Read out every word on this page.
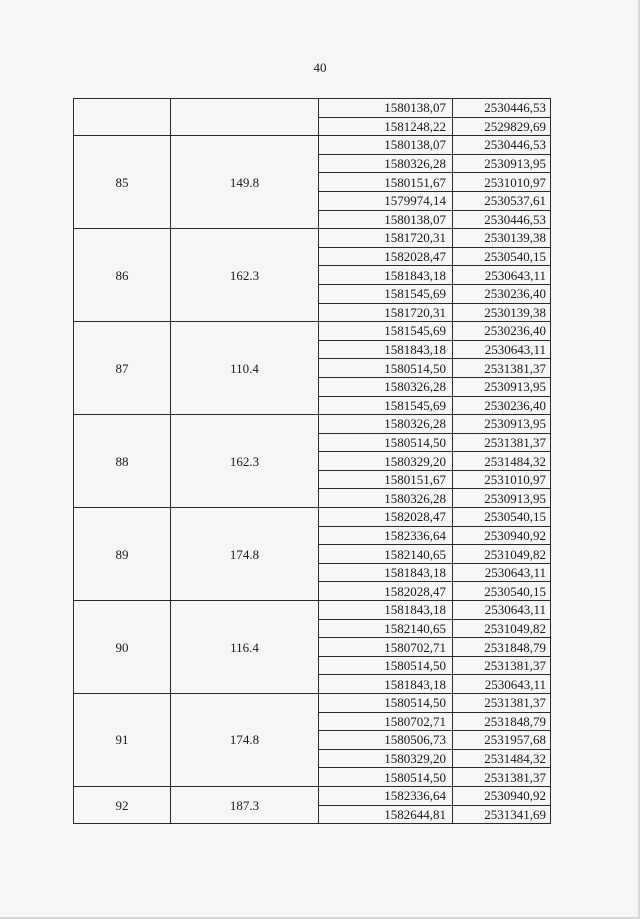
40
		1580138,07	2530446,53
		1581248,22	2529829,69
85	149.8	1580138,07	2530446,53
		1580326,28	2530913,95
		1580151,67	2531010,97
		1579974,14	2530537,61
		1580138,07	2530446,53
86	162.3	1581720,31	2530139,38
		1582028,47	2530540,15
		1581843,18	2530643,11
		1581545,69	2530236,40
		1581720,31	2530139,38
87	110.4	1581545,69	2530236,40
		1581843,18	2530643,11
		1580514,50	2531381,37
		1580326,28	2530913,95
		1581545,69	2530236,40
88	162.3	1580326,28	2530913,95
		1580514,50	2531381,37
		1580329,20	2531484,32
		1580151,67	2531010,97
		1580326,28	2530913,95
89	174.8	1582028,47	2530540,15
		1582336,64	2530940,92
		1582140,65	2531049,82
		1581843,18	2530643,11
		1582028,47	2530540,15
90	116.4	1581843,18	2530643,11
		1582140,65	2531049,82
		1580702,71	2531848,79
		1580514,50	2531381,37
		1581843,18	2530643,11
91	174.8	1580514,50	2531381,37
		1580702,71	2531848,79
		1580506,73	2531957,68
		1580329,20	2531484,32
		1580514,50	2531381,37
92	187.3	1582336,64	2530940,92
		1582644,81	2531341,69
